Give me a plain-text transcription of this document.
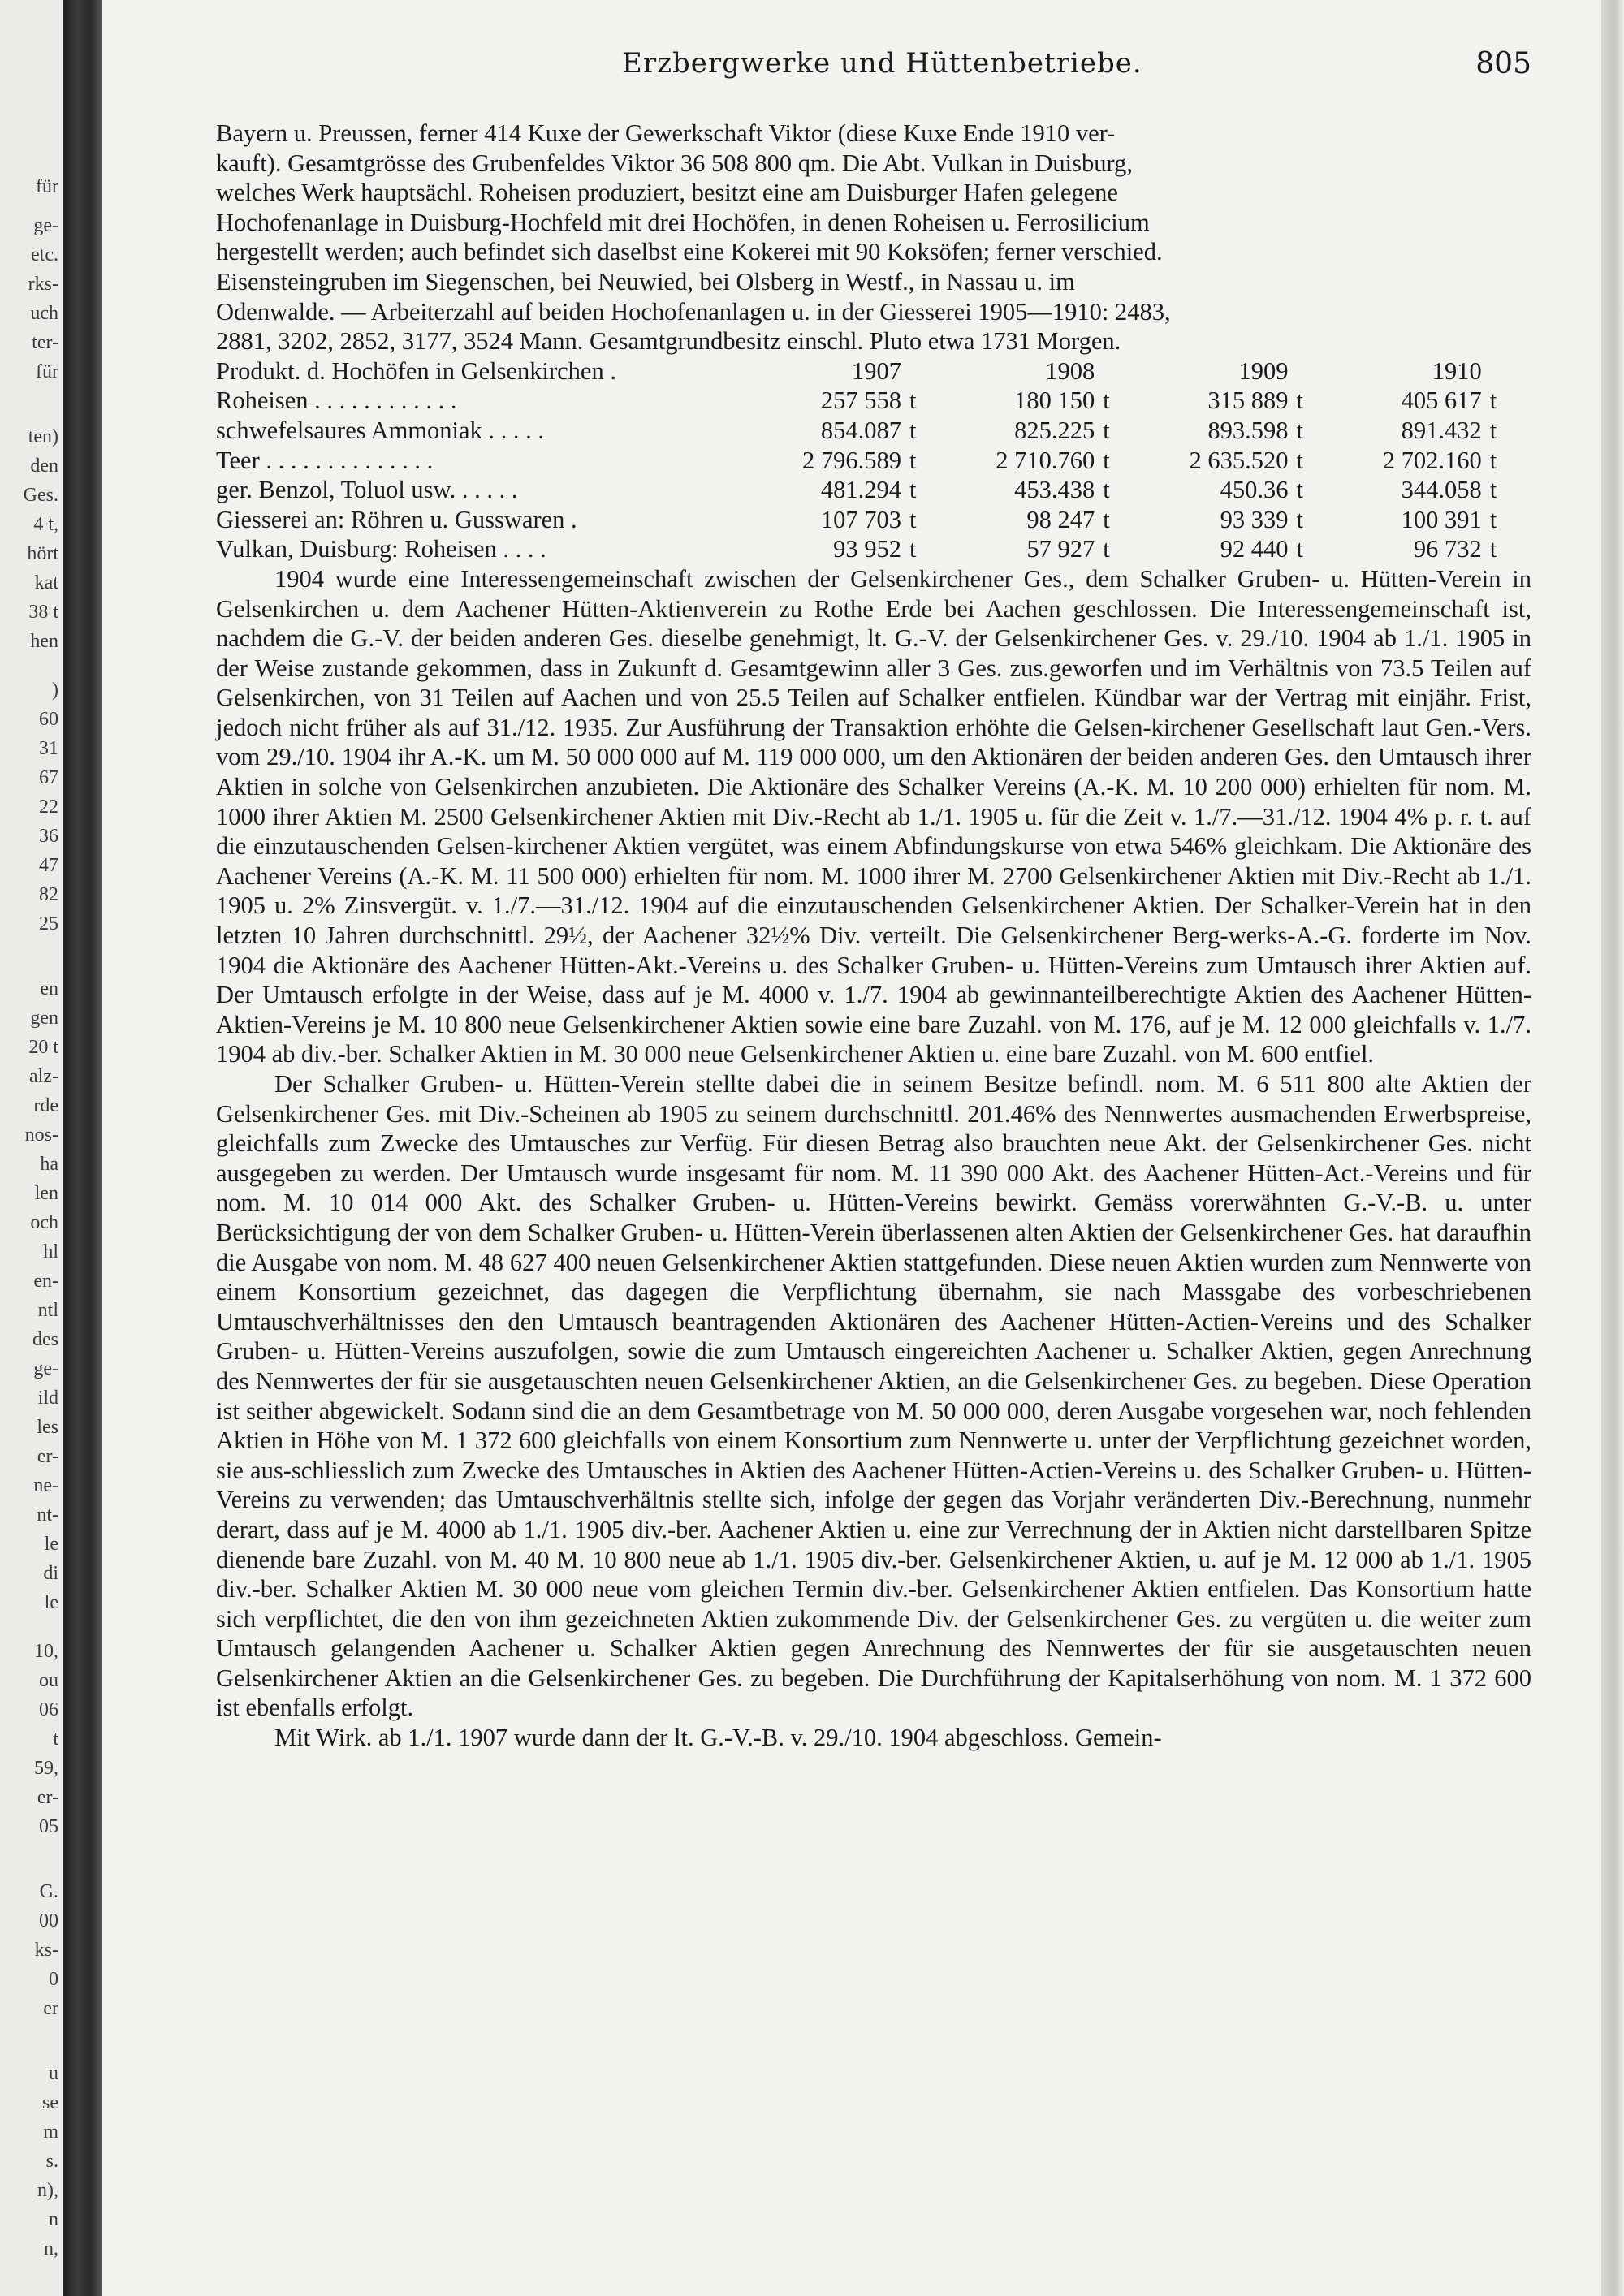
für
ge-
etc.
rks-
uch
ter-
für
ten)
den
Ges.
4 t,
hört
kat
38 t
hen
)
60
31
67
22
36
47
82
25
en
gen
20 t
alz-
rde
nos-
ha
len
och
hl
en-
ntl
des
ge-
ild
les
er-
ne-
nt-
le
di
le
10,
ou
06
t
59,
er-
05
G.
00
ks-
0
er
u
se
m
s.
n),
n
n,
Erzbergwerke und Hüttenbetriebe.	805
Bayern u. Preussen, ferner 414 Kuxe der Gewerkschaft Viktor (diese Kuxe Ende 1910 ver-
kauft). Gesamtgrösse des Grubenfeldes Viktor 36 508 800 qm. Die Abt. Vulkan in Duisburg,
welches Werk hauptsächl. Roheisen produziert, besitzt eine am Duisburger Hafen gelegene
Hochofenanlage in Duisburg-Hochfeld mit drei Hochöfen, in denen Roheisen u. Ferrosilicium
hergestellt werden; auch befindet sich daselbst eine Kokerei mit 90 Koksöfen; ferner verschied.
Eisensteingruben im Siegenschen, bei Neuwied, bei Olsberg in Westf., in Nassau u. im
Odenwalde. — Arbeiterzahl auf beiden Hochofenanlagen u. in der Giesserei 1905—1910: 2483,
2881, 3202, 2852, 3177, 3524 Mann. Gesamtgrundbesitz einschl. Pluto etwa 1731 Morgen.
Produkt. d. Hochöfen in Gelsenkirchen .	1907		1908		1909		1910	
Roheisen . . . . . . . . . . . .	257 558	t	180 150	t	315 889	t	405 617	t
schwefelsaures Ammoniak . . . . .	854.087	t	825.225	t	893.598	t	891.432	t
Teer . . . . . . . . . . . . . .	2 796.589	t	2 710.760	t	2 635.520	t	2 702.160	t
ger. Benzol, Toluol usw. . . . . .	481.294	t	453.438	t	450.36	t	344.058	t
Giesserei an: Röhren u. Gusswaren .	107 703	t	98 247	t	93 339	t	100 391	t
Vulkan, Duisburg: Roheisen . . . .	93 952	t	57 927	t	92 440	t	96 732	t

1904 wurde eine Interessengemeinschaft zwischen der Gelsenkirchener Ges., dem Schalker Gruben- u. Hütten-Verein in Gelsenkirchen u. dem Aachener Hütten-Aktienverein zu Rothe Erde bei Aachen geschlossen. Die Interessengemeinschaft ist, nachdem die G.-V. der beiden anderen Ges. dieselbe genehmigt, lt. G.-V. der Gelsenkirchener Ges. v. 29./10. 1904 ab 1./1. 1905 in der Weise zustande gekommen, dass in Zukunft d. Gesamtgewinn aller 3 Ges. zus.geworfen und im Verhältnis von 73.5 Teilen auf Gelsenkirchen, von 31 Teilen auf Aachen und von 25.5 Teilen auf Schalker entfielen. Kündbar war der Vertrag mit einjähr. Frist, jedoch nicht früher als auf 31./12. 1935. Zur Ausführung der Transaktion erhöhte die Gelsen-kirchener Gesellschaft laut Gen.-Vers. vom 29./10. 1904 ihr A.-K. um M. 50 000 000 auf M. 119 000 000, um den Aktionären der beiden anderen Ges. den Umtausch ihrer Aktien in solche von Gelsenkirchen anzubieten. Die Aktionäre des Schalker Vereins (A.-K. M. 10 200 000) erhielten für nom. M. 1000 ihrer Aktien M. 2500 Gelsenkirchener Aktien mit Div.-Recht ab 1./1. 1905 u. für die Zeit v. 1./7.—31./12. 1904 4% p. r. t. auf die einzutauschenden Gelsen-kirchener Aktien vergütet, was einem Abfindungskurse von etwa 546% gleichkam. Die Aktionäre des Aachener Vereins (A.-K. M. 11 500 000) erhielten für nom. M. 1000 ihrer M. 2700 Gelsenkirchener Aktien mit Div.-Recht ab 1./1. 1905 u. 2% Zinsvergüt. v. 1./7.—31./12. 1904 auf die einzutauschenden Gelsenkirchener Aktien. Der Schalker-Verein hat in den letzten 10 Jahren durchschnittl. 29½, der Aachener 32½% Div. verteilt. Die Gelsenkirchener Berg-werks-A.-G. forderte im Nov. 1904 die Aktionäre des Aachener Hütten-Akt.-Vereins u. des Schalker Gruben- u. Hütten-Vereins zum Umtausch ihrer Aktien auf. Der Umtausch erfolgte in der Weise, dass auf je M. 4000 v. 1./7. 1904 ab gewinnanteilberechtigte Aktien des Aachener Hütten-Aktien-Vereins je M. 10 800 neue Gelsenkirchener Aktien sowie eine bare Zuzahl. von M. 176, auf je M. 12 000 gleichfalls v. 1./7. 1904 ab div.-ber. Schalker Aktien in M. 30 000 neue Gelsenkirchener Aktien u. eine bare Zuzahl. von M. 600 entfiel.

Der Schalker Gruben- u. Hütten-Verein stellte dabei die in seinem Besitze befindl. nom. M. 6 511 800 alte Aktien der Gelsenkirchener Ges. mit Div.-Scheinen ab 1905 zu seinem durchschnittl. 201.46% des Nennwertes ausmachenden Erwerbspreise, gleichfalls zum Zwecke des Umtausches zur Verfüg. Für diesen Betrag also brauchten neue Akt. der Gelsenkirchener Ges. nicht ausgegeben zu werden. Der Umtausch wurde insgesamt für nom. M. 11 390 000 Akt. des Aachener Hütten-Act.-Vereins und für nom. M. 10 014 000 Akt. des Schalker Gruben- u. Hütten-Vereins bewirkt. Gemäss vorerwähnten G.-V.-B. u. unter Berücksichtigung der von dem Schalker Gruben- u. Hütten-Verein überlassenen alten Aktien der Gelsenkirchener Ges. hat daraufhin die Ausgabe von nom. M. 48 627 400 neuen Gelsenkirchener Aktien stattgefunden. Diese neuen Aktien wurden zum Nennwerte von einem Konsortium gezeichnet, das dagegen die Verpflichtung übernahm, sie nach Massgabe des vorbeschriebenen Umtauschverhältnisses den den Umtausch beantragenden Aktionären des Aachener Hütten-Actien-Vereins und des Schalker Gruben- u. Hütten-Vereins auszufolgen, sowie die zum Umtausch eingereichten Aachener u. Schalker Aktien, gegen Anrechnung des Nennwertes der für sie ausgetauschten neuen Gelsenkirchener Aktien, an die Gelsenkirchener Ges. zu begeben. Diese Operation ist seither abgewickelt. Sodann sind die an dem Gesamtbetrage von M. 50 000 000, deren Ausgabe vorgesehen war, noch fehlenden Aktien in Höhe von M. 1 372 600 gleichfalls von einem Konsortium zum Nennwerte u. unter der Verpflichtung gezeichnet worden, sie aus-schliesslich zum Zwecke des Umtausches in Aktien des Aachener Hütten-Actien-Vereins u. des Schalker Gruben- u. Hütten-Vereins zu verwenden; das Umtauschverhältnis stellte sich, infolge der gegen das Vorjahr veränderten Div.-Berechnung, nunmehr derart, dass auf je M. 4000 ab 1./1. 1905 div.-ber. Aachener Aktien u. eine zur Verrechnung der in Aktien nicht darstellbaren Spitze dienende bare Zuzahl. von M. 40 M. 10 800 neue ab 1./1. 1905 div.-ber. Gelsenkirchener Aktien, u. auf je M. 12 000 ab 1./1. 1905 div.-ber. Schalker Aktien M. 30 000 neue vom gleichen Termin div.-ber. Gelsenkirchener Aktien entfielen. Das Konsortium hatte sich verpflichtet, die den von ihm gezeichneten Aktien zukommende Div. der Gelsenkirchener Ges. zu vergüten u. die weiter zum Umtausch gelangenden Aachener u. Schalker Aktien gegen Anrechnung des Nennwertes der für sie ausgetauschten neuen Gelsenkirchener Aktien an die Gelsenkirchener Ges. zu begeben. Die Durchführung der Kapitalserhöhung von nom. M. 1 372 600 ist ebenfalls erfolgt.

Mit Wirk. ab 1./1. 1907 wurde dann der lt. G.-V.-B. v. 29./10. 1904 abgeschloss. Gemein-
